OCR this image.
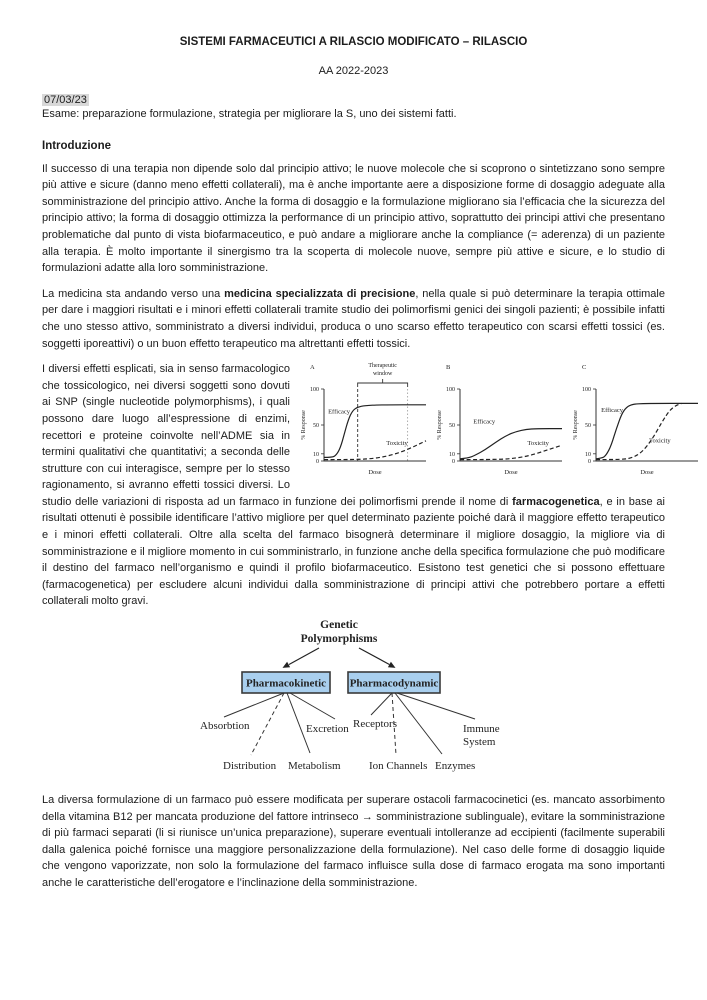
SISTEMI FARMACEUTICI A RILASCIO MODIFICATO – RILASCIO
AA 2022-2023
07/03/23

Esame: preparazione formulazione, strategia per migliorare la S, uno dei sistemi fatti.

Introduzione

Il successo di una terapia non dipende solo dal principio attivo; le nuove molecole che si scoprono o sintetizzano sono sempre più attive e sicure (danno meno effetti collaterali), ma è anche importante aere a disposizione forme di dosaggio adeguate alla somministrazione del principio attivo. Anche la forma di dosaggio e la formulazione migliorano sia l’efficacia che la sicurezza del principio attivo; la forma di dosaggio ottimizza la performance di un principio attivo, soprattutto dei principi attivi che presentano problematiche dal punto di vista biofarmaceutico, e può andare a migliorare anche la compliance (= aderenza) di un paziente alla terapia. È molto importante il sinergismo tra la scoperta di molecole nuove, sempre più attive e sicure, e lo studio di formulazioni adatte alla loro somministrazione.

La medicina sta andando verso una medicina specializzata di precisione, nella quale si può determinare la terapia ottimale per dare i maggiori risultati e i minori effetti collaterali tramite studio dei polimorfismi genici dei singoli pazienti; è possibile infatti che uno stesso attivo, somministrato a diversi individui, produca o uno scarso effetto terapeutico con scarsi effetti tossici (es. soggetti iporeattivi) o un buon effetto terapeutico ma altrettanti effetti tossici.

A
100
50
10
0
% Response
Dose
Therapeutic
window
Efficacy
Toxicity
B
100
50
10
0
% Response
Dose
Efficacy
Toxicity
C
100
50
10
0
% Response
Dose
Efficacy
Toxicity
I diversi effetti esplicati, sia in senso farmacologico che tossicologico, nei diversi soggetti sono dovuti ai SNP (single nucleotide polymorphisms), i quali possono dare luogo all’espressione di enzimi, recettori e proteine coinvolte nell’ADME sia in termini qualitativi che quantitativi; a seconda delle strutture con cui interagisce, sempre per lo stesso ragionamento, si avranno effetti tossici diversi. Lo studio delle variazioni di risposta ad un farmaco in funzione dei polimorfismi prende il nome di farmacogenetica, e in base ai risultati ottenuti è possibile identificare l’attivo migliore per quel determinato paziente poiché darà il maggiore effetto terapeutico e i minori effetti collaterali. Oltre alla scelta del farmaco bisognerà determinare il migliore dosaggio, la migliore via di somministrazione e il migliore momento in cui somministrarlo, in funzione anche della specifica formulazione che può modificare il destino del farmaco nell’organismo e quindi il profilo biofarmaceutico. Esistono test genetici che si possono effettuare (farmacogenetica) per escludere alcuni individui dalla somministrazione di principi attivi che potrebbero portare a effetti collaterali molto gravi.
Genetic
Polymorphisms
Pharmacokinetic Pharmacodynamic
Absorbtion
Distribution Metabolism
Excretion Receptors
Ion Channels Enzymes
Immune
System

La diversa formulazione di un farmaco può essere modificata per superare ostacoli farmacocinetici (es. mancato assorbimento della vitamina B12 per mancata produzione del fattore intrinseco → somministrazione sublinguale), evitare la somministrazione di più farmaci separati (li si riunisce un’unica preparazione), superare eventuali intolleranze ad eccipienti (facilmente superabili dalla galenica poiché fornisce una maggiore personalizzazione della formulazione). Nel caso delle forme di dosaggio liquide che vengono vaporizzate, non solo la formulazione del farmaco influisce sulla dose di farmaco erogata ma sono importanti anche le caratteristiche dell’erogatore e l’inclinazione della somministrazione.
